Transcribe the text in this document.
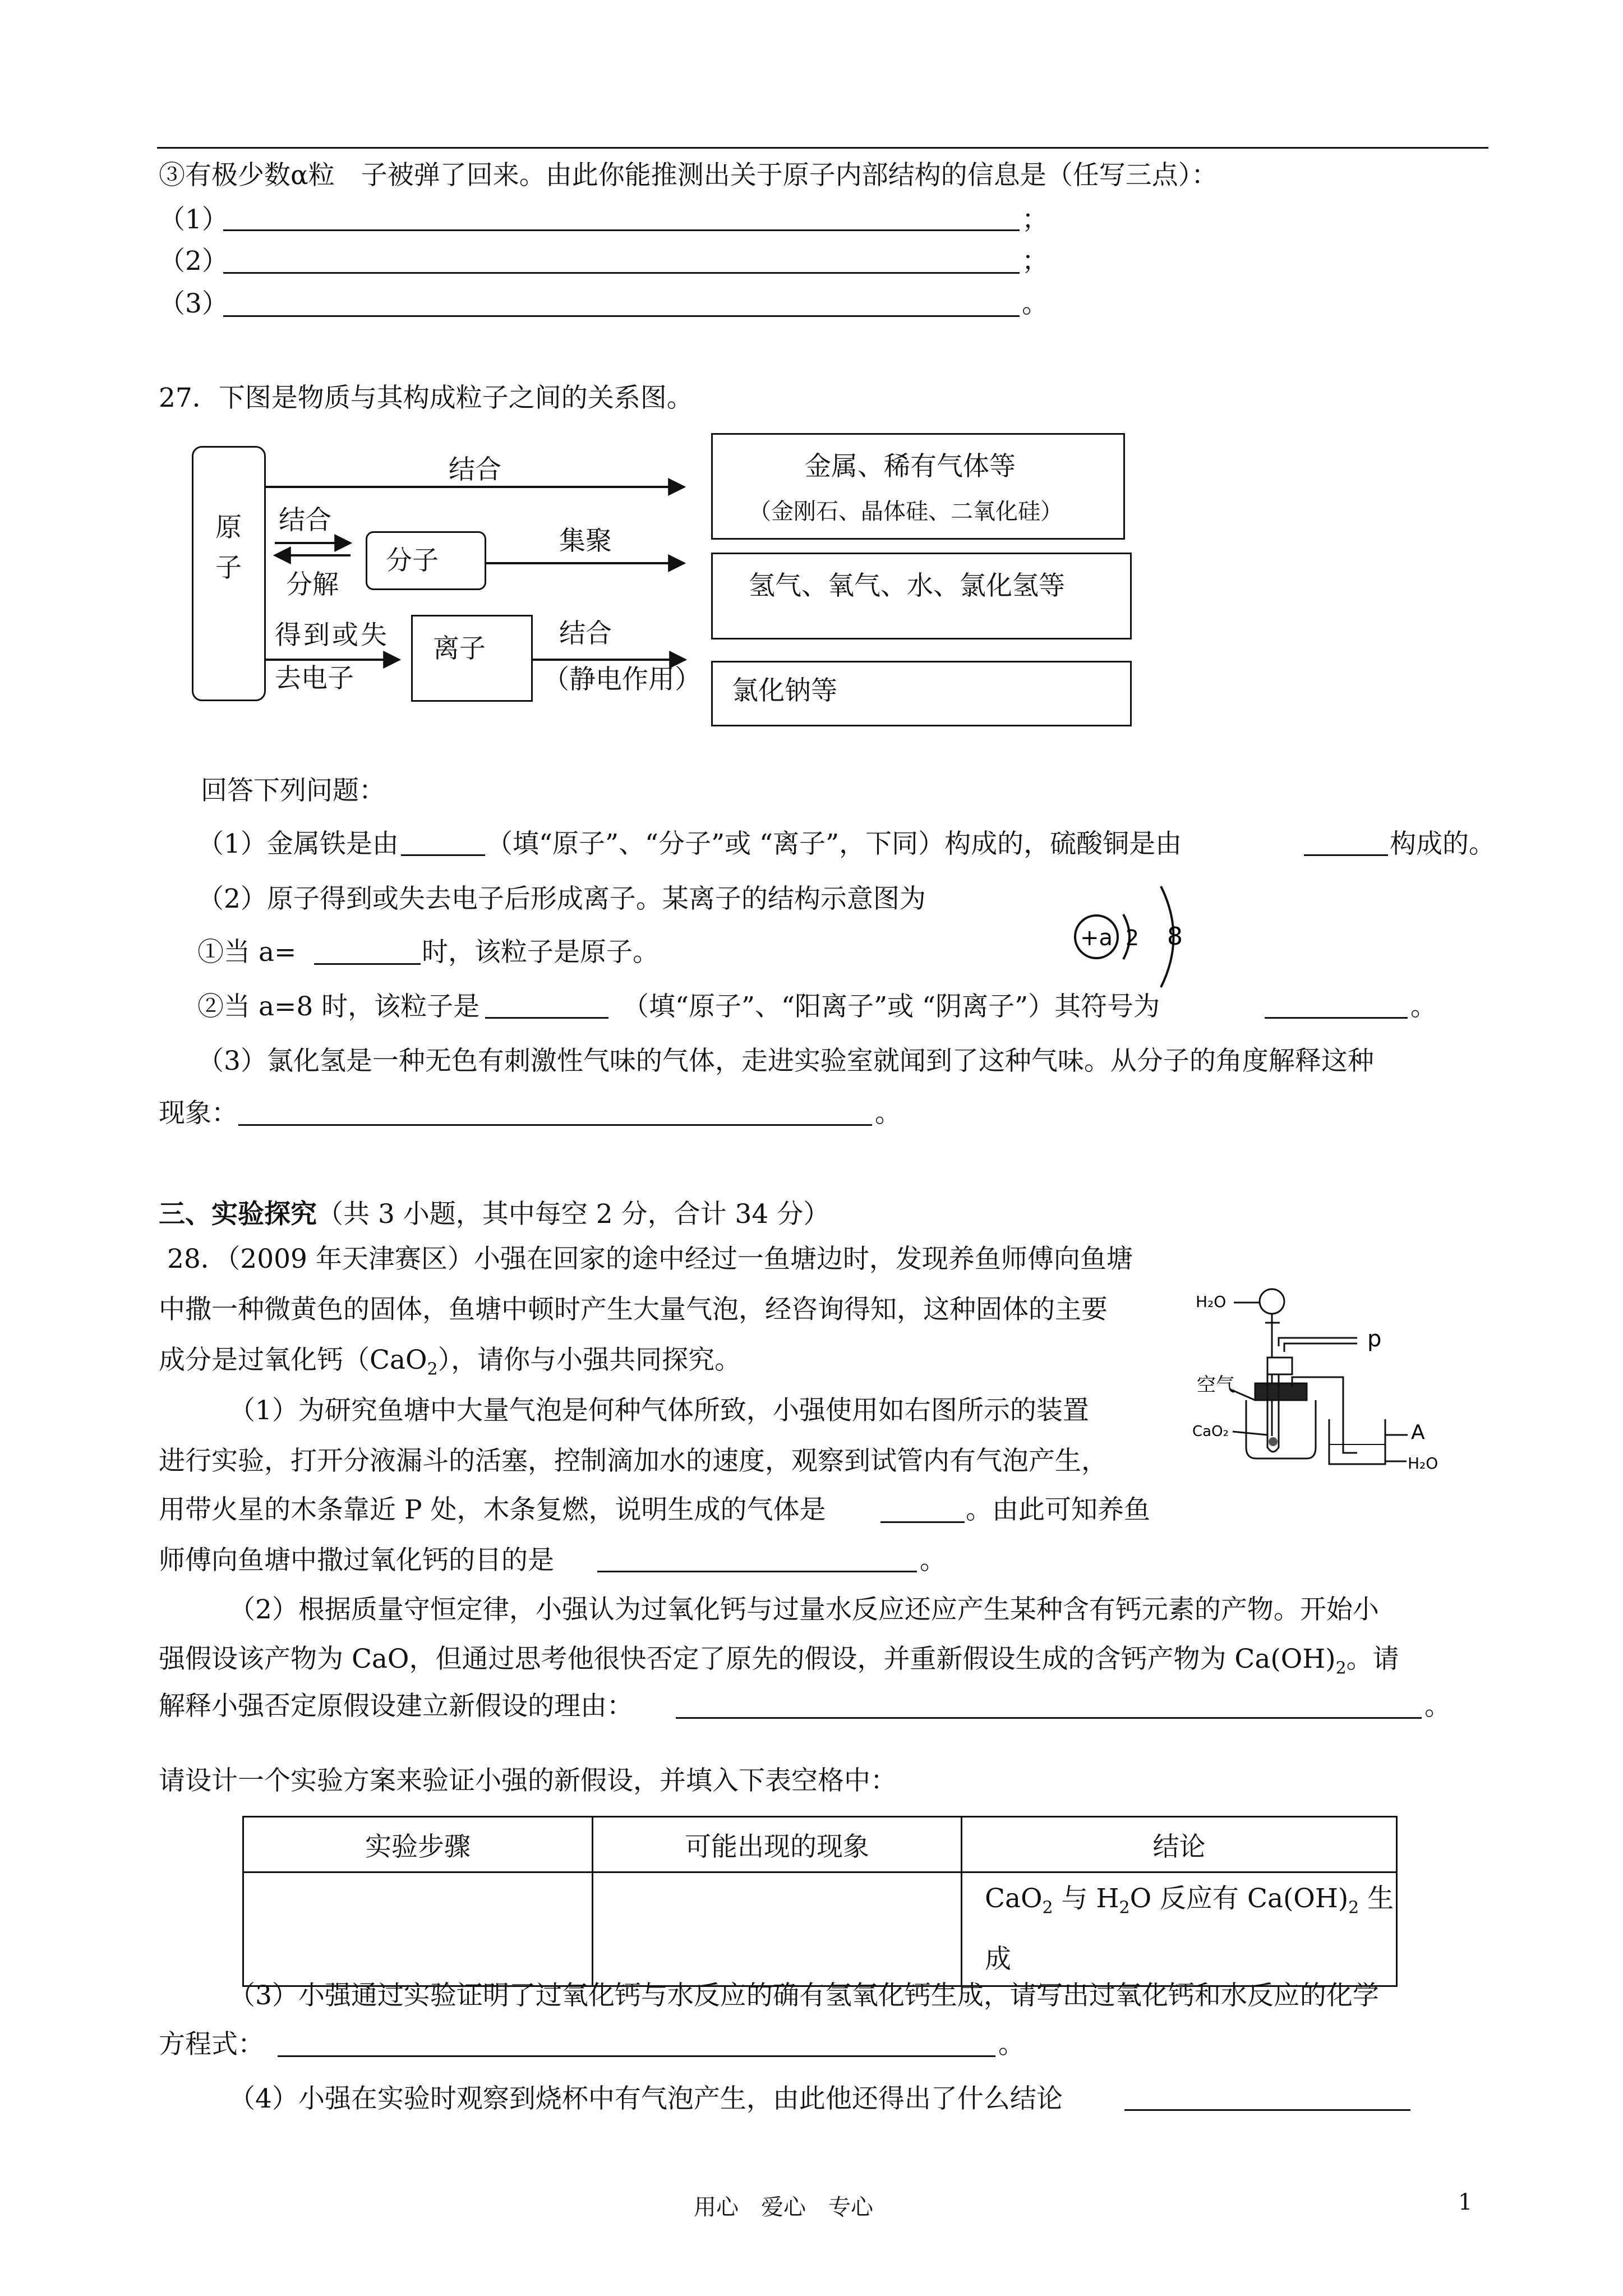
③有极少数α粒　子被弹了回来。由此你能推测出关于原子内部结构的信息是（任写三点）：
（1）	；
（2）	；
（3）	。
27．下图是物质与其构成粒子之间的关系图。
原子	分子
离子
金属、稀有气体等
（金刚石、晶体硅、二氧化硅）
氢气、氧气、水、氯化氢等
氯化钠等
结合
结合
分解
集聚
得到或失
去电子
结合
（静电作用）
回答下列问题：
（1）金属铁是由	（填“原子”、“分子”或 “离子”，下同）构成的，硫酸铜是由	构成的。
（2）原子得到或失去电子后形成离子。某离子的结构示意图为
+a 2 8
①当 a=	时，该粒子是原子。
②当 a=8 时，该粒子是	（填“原子”、“阳离子”或 “阴离子”）其符号为	。
（3）氯化氢是一种无色有刺激性气味的气体，走进实验室就闻到了这种气味。从分子的角度解释这种
现象：	。
三、实验探究（共 3 小题，其中每空 2 分，合计 34 分）
28．（2009 年天津赛区）小强在回家的途中经过一鱼塘边时，发现养鱼师傅向鱼塘
中撒一种微黄色的固体，鱼塘中顿时产生大量气泡，经咨询得知，这种固体的主要
成分是过氧化钙（CaO$_2$），请你与小强共同探究。
（1）为研究鱼塘中大量气泡是何种气体所致，小强使用如右图所示的装置
进行实验，打开分液漏斗的活塞，控制滴加水的速度，观察到试管内有气泡产生，
用带火星的木条靠近 P 处，木条复燃，说明生成的气体是	。由此可知养鱼
师傅向鱼塘中撒过氧化钙的目的是	。
H₂O
p
空气
CaO₂	A
H₂O
（2）根据质量守恒定律，小强认为过氧化钙与过量水反应还应产生某种含有钙元素的产物。开始小
强假设该产物为 CaO，但通过思考他很快否定了原先的假设，并重新假设生成的含钙产物为 $Ca(OH)_2$。请
解释小强否定原假设建立新假设的理由：	。
请设计一个实验方案来验证小强的新假设，并填入下表空格中：
实验步骤	可能出现的现象	结论

		CaO$_2$ 与 $H_2O$ 反应有 $Ca(OH)_2$ 生
成
（3）小强通过实验证明了过氧化钙与水反应的确有氢氧化钙生成，请写出过氧化钙和水反应的化学
方程式：	。
（4）小强在实验时观察到烧杯中有气泡产生，由此他还得出了什么结论
用心　爱心　专心	1
